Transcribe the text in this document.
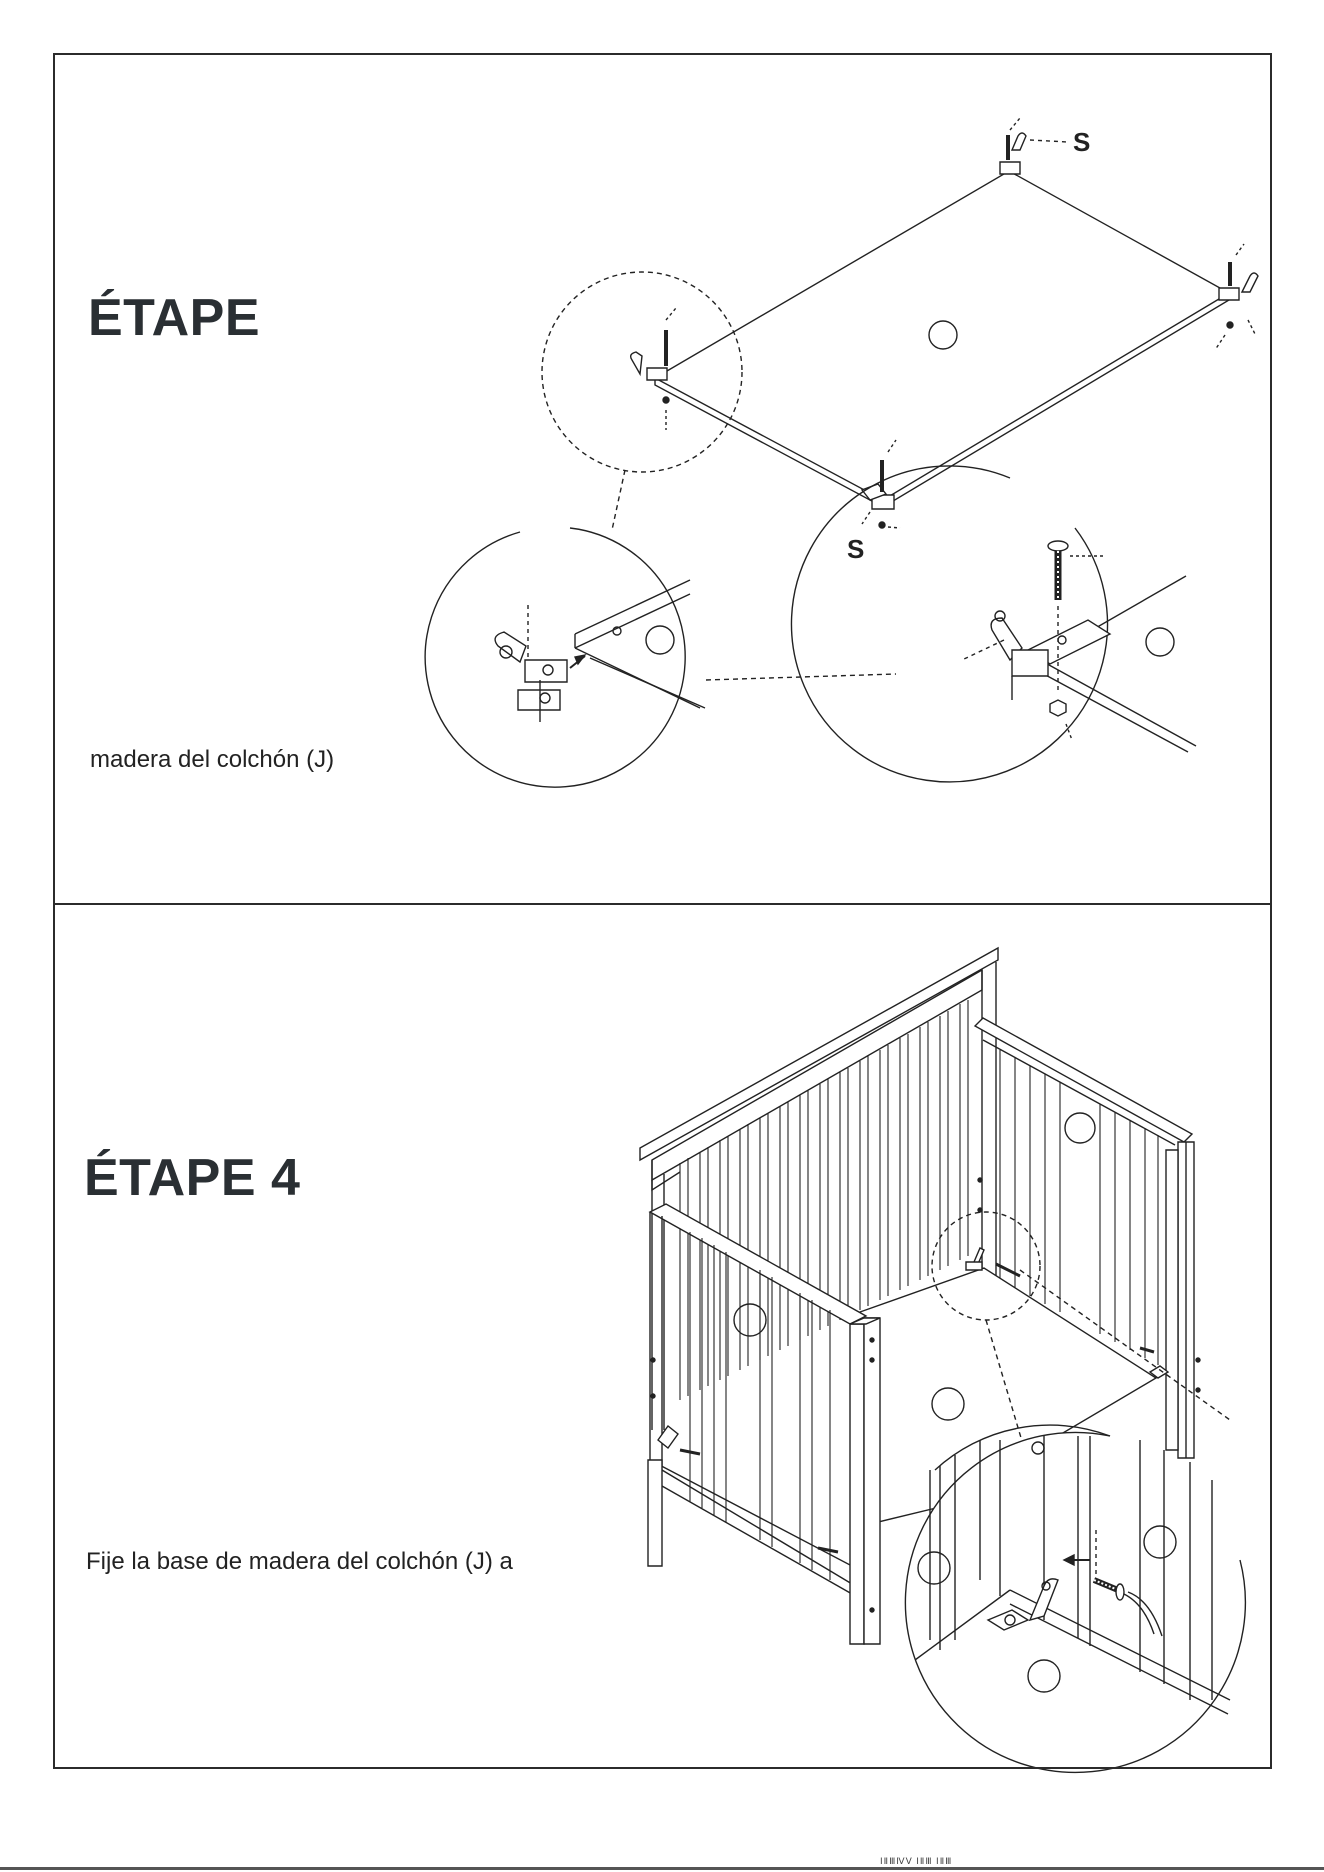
ÉTAPE

madera del colchón (J)

S
S
ÉTAPE 4

Fije la base de madera del colchón (J) a

ⅠⅡⅢⅣⅤ ⅠⅡⅢ ⅠⅡⅢ
